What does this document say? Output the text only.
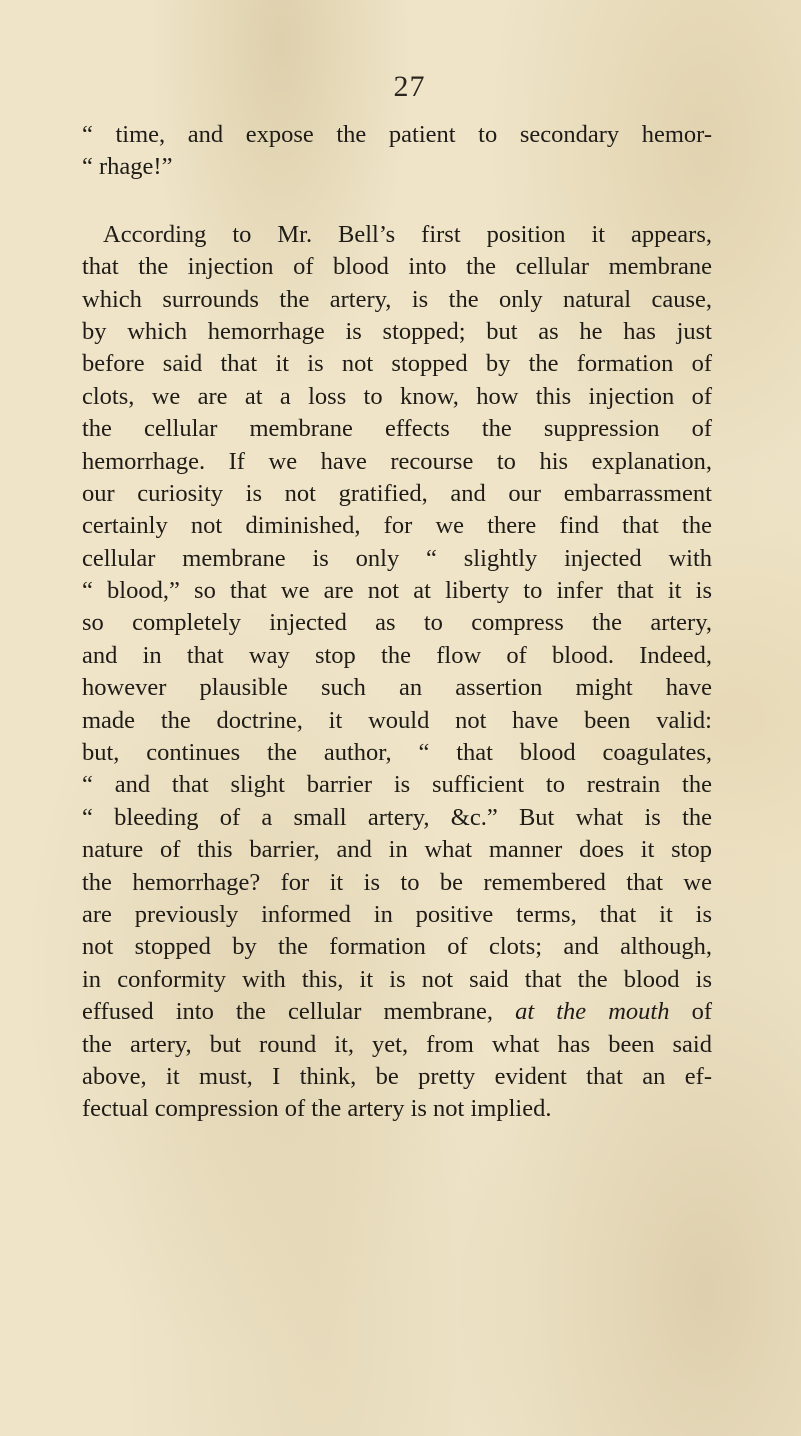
27
“ time, and expose the patient to secondary hemor-
“ rhage!”
According to Mr. Bell’s first position it appears,
that the injection of blood into the cellular membrane
which surrounds the artery, is the only natural cause,
by which hemorrhage is stopped; but as he has just
before said that it is not stopped by the formation of
clots, we are at a loss to know, how this injection of
the cellular membrane effects the suppression of
hemorrhage. If we have recourse to his explanation,
our curiosity is not gratified, and our embarrassment
certainly not diminished, for we there find that the
cellular membrane is only “ slightly injected with
“ blood,” so that we are not at liberty to infer that it is
so completely injected as to compress the artery,
and in that way stop the flow of blood. Indeed,
however plausible such an assertion might have
made the doctrine, it would not have been valid:
but, continues the author, “ that blood coagulates,
“ and that slight barrier is sufficient to restrain the
“ bleeding of a small artery, &c.” But what is the
nature of this barrier, and in what manner does it stop
the hemorrhage? for it is to be remembered that we
are previously informed in positive terms, that it is
not stopped by the formation of clots; and although,
in conformity with this, it is not said that the blood is
effused into the cellular membrane, at the mouth of
the artery, but round it, yet, from what has been said
above, it must, I think, be pretty evident that an ef-
fectual compression of the artery is not implied.
